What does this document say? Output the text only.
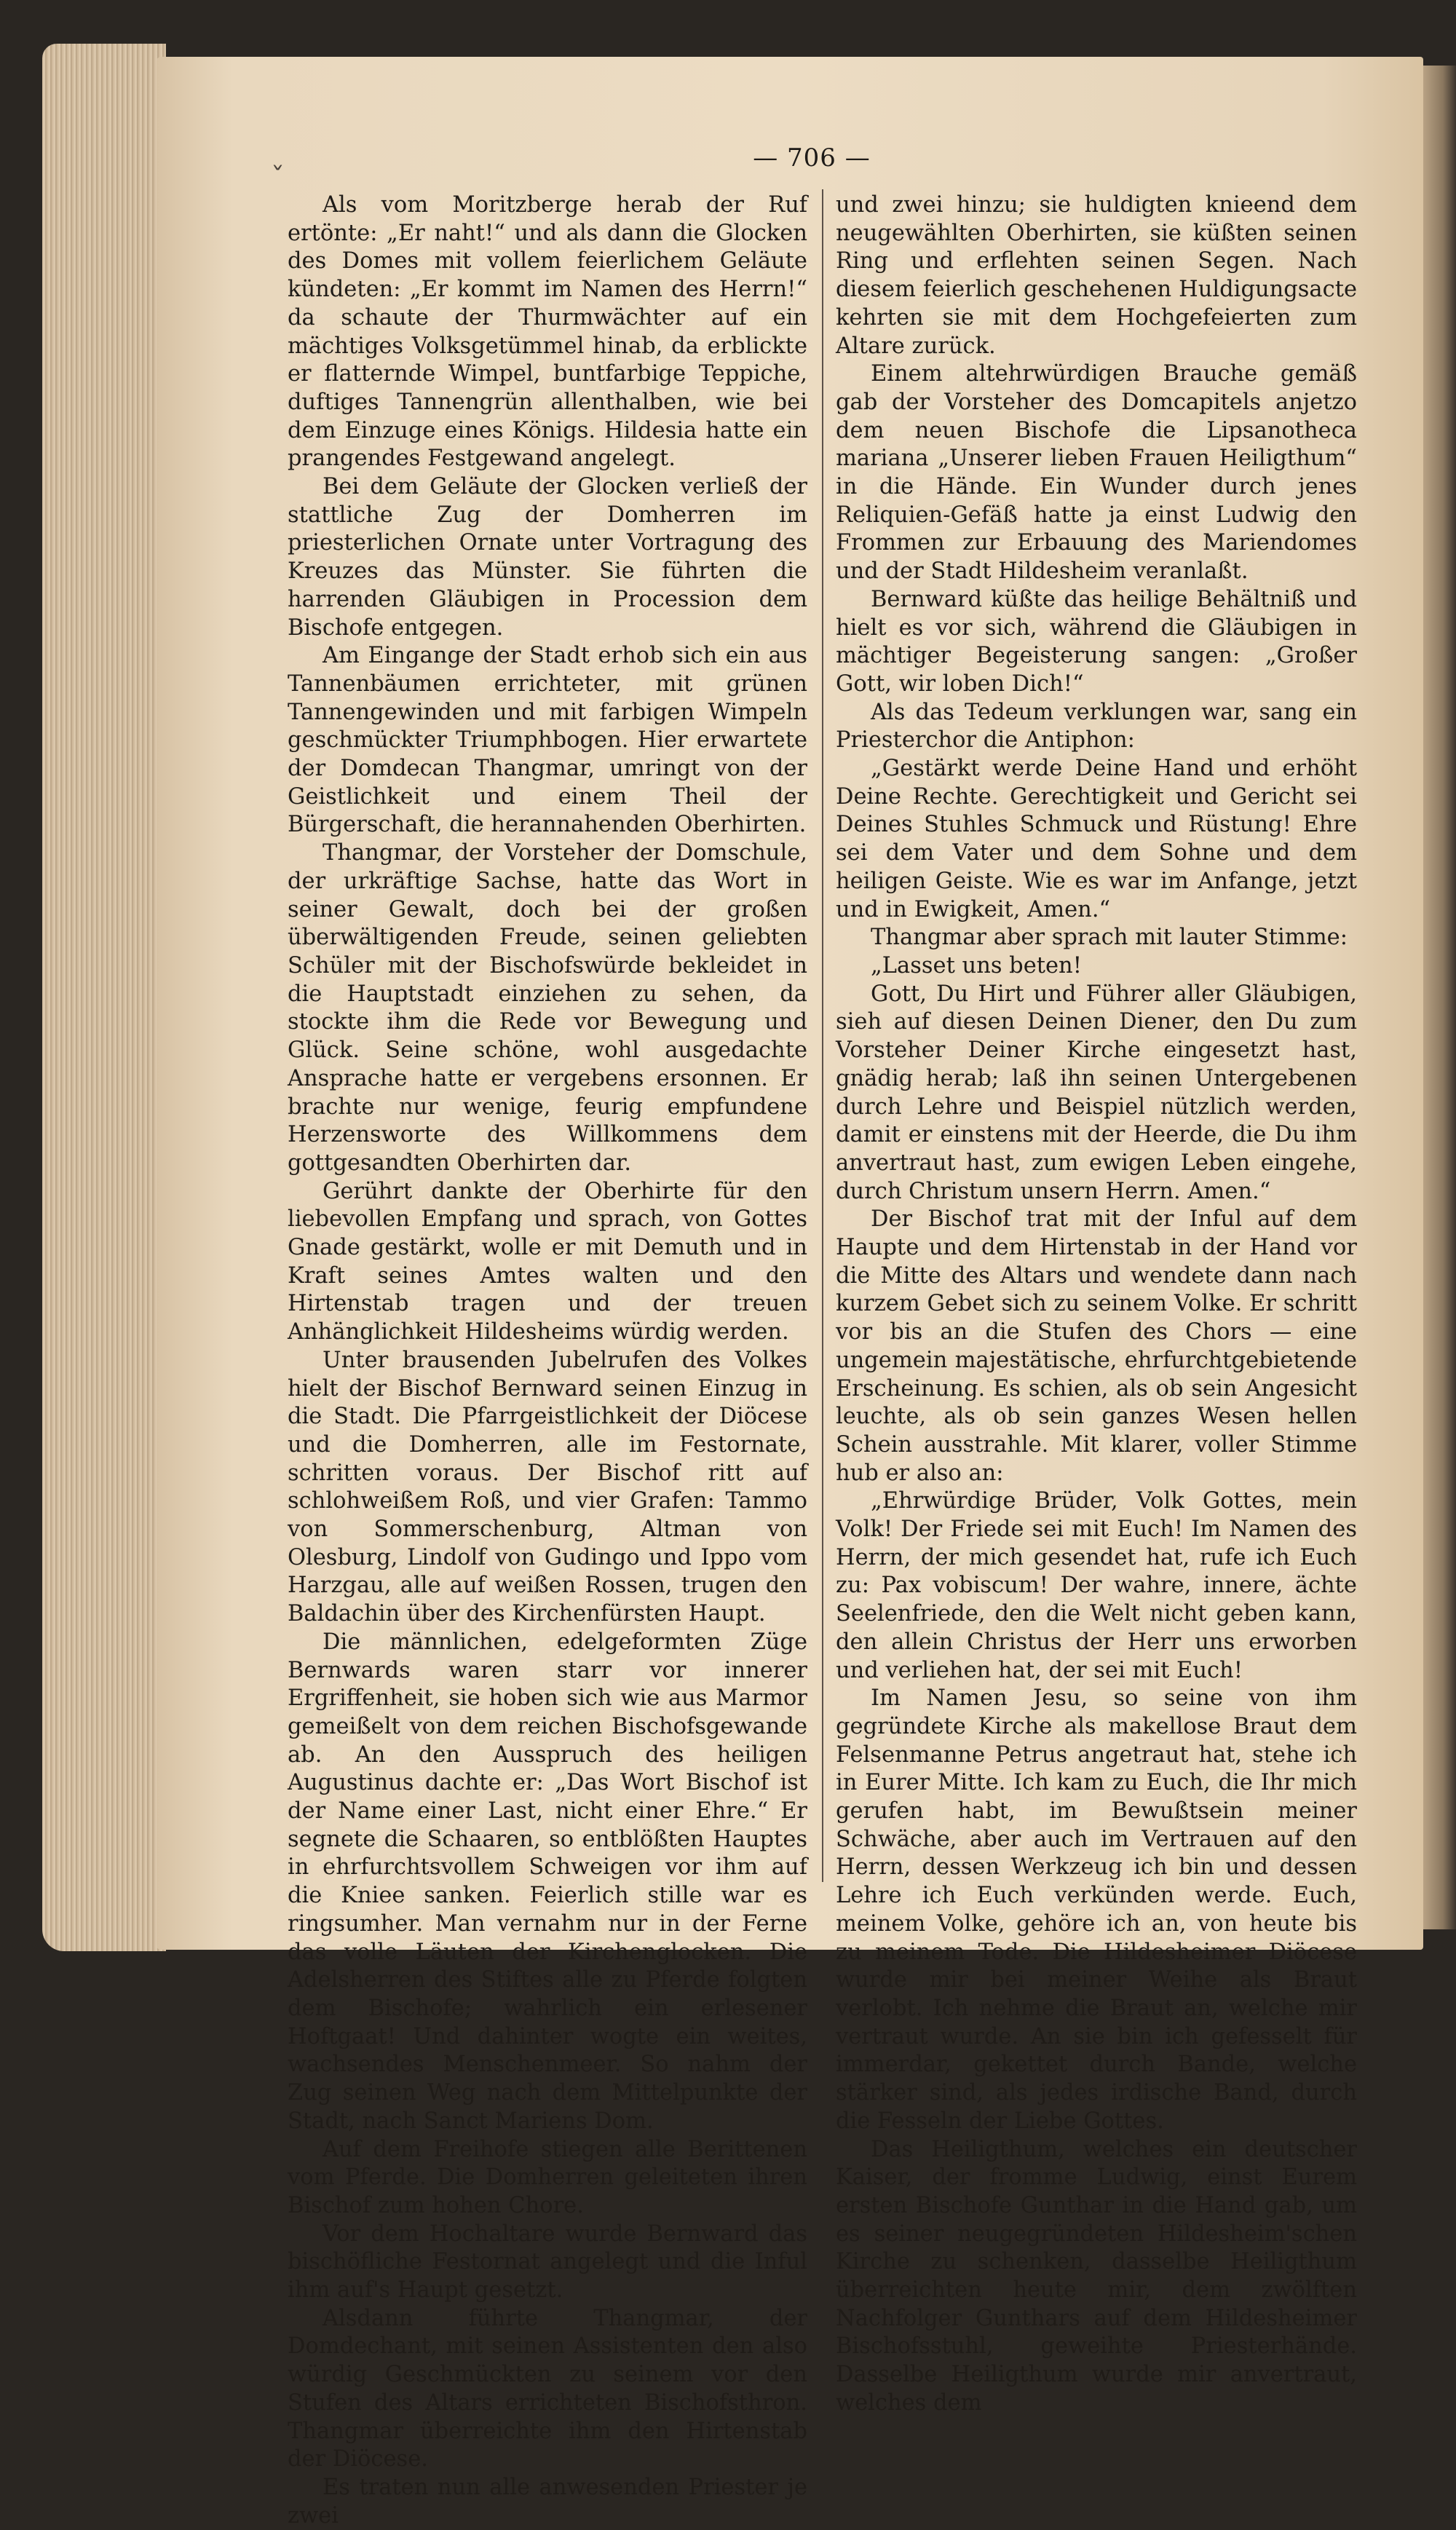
ˇ
— 706 —

Als vom Moritzberge herab der Ruf ertönte: „Er naht!“ und als dann die Glocken des Domes mit vollem feierlichem Geläute kündeten: „Er kommt im Namen des Herrn!“ da schaute der Thurmwächter auf ein mächtiges Volksgetümmel hinab, da erblickte er flatternde Wimpel, buntfarbige Teppiche, duftiges Tannengrün allenthalben, wie bei dem Einzuge eines Königs. Hildesia hatte ein prangendes Festgewand angelegt.

Bei dem Geläute der Glocken verließ der stattliche Zug der Domherren im priesterlichen Ornate unter Vortragung des Kreuzes das Münster. Sie führten die harrenden Gläubigen in Procession dem Bischofe entgegen.

Am Eingange der Stadt erhob sich ein aus Tannenbäumen errichteter, mit grünen Tannengewinden und mit farbigen Wimpeln geschmückter Triumphbogen. Hier erwartete der Domdecan Thangmar, umringt von der Geistlichkeit und einem Theil der Bürgerschaft, die herannahenden Oberhirten.

Thangmar, der Vorsteher der Domschule, der urkräftige Sachse, hatte das Wort in seiner Gewalt, doch bei der großen überwältigenden Freude, seinen geliebten Schüler mit der Bischofswürde bekleidet in die Hauptstadt einziehen zu sehen, da stockte ihm die Rede vor Bewegung und Glück. Seine schöne, wohl ausgedachte Ansprache hatte er vergebens ersonnen. Er brachte nur wenige, feurig empfundene Herzensworte des Willkommens dem gottgesandten Oberhirten dar.

Gerührt dankte der Oberhirte für den liebevollen Empfang und sprach, von Gottes Gnade gestärkt, wolle er mit Demuth und in Kraft seines Amtes walten und den Hirtenstab tragen und der treuen Anhänglichkeit Hildesheims würdig werden.

Unter brausenden Jubelrufen des Volkes hielt der Bischof Bernward seinen Einzug in die Stadt. Die Pfarrgeistlichkeit der Diöcese und die Domherren, alle im Festornate, schritten voraus. Der Bischof ritt auf schlohweißem Roß, und vier Grafen: Tammo von Sommerschenburg, Altman von Olesburg, Lindolf von Gudingo und Ippo vom Harzgau, alle auf weißen Rossen, trugen den Baldachin über des Kirchenfürsten Haupt.

Die männlichen, edelgeformten Züge Bernwards waren starr vor innerer Ergriffenheit, sie hoben sich wie aus Marmor gemeißelt von dem reichen Bischofsgewande ab. An den Ausspruch des heiligen Augustinus dachte er: „Das Wort Bischof ist der Name einer Last, nicht einer Ehre.“ Er segnete die Schaaren, so entblößten Hauptes in ehrfurchtsvollem Schweigen vor ihm auf die Kniee sanken. Feierlich stille war es ringsumher. Man vernahm nur in der Ferne das volle Läuten der Kirchenglocken. Die Adelsherren des Stiftes alle zu Pferde folgten dem Bischofe; wahrlich ein erlesener Hoftgaat! Und dahinter wogte ein weites, wachsendes Menschenmeer. So nahm der Zug seinen Weg nach dem Mittelpunkte der Stadt, nach Sanct Mariens Dom.

Auf dem Freihofe stiegen alle Berittenen vom Pferde. Die Domherren geleiteten ihren Bischof zum hohen Chore.

Vor dem Hochaltare wurde Bernward das bischöfliche Festornat angelegt und die Inful ihm auf's Haupt gesetzt.

Alsdann führte Thangmar, der Domdechant, mit seinen Assistenten den also würdig Geschmückten zu seinem vor den Stufen des Altars errichteten Bischofsthron. Thangmar überreichte ihm den Hirtenstab der Diöcese.

Es traten nun alle anwesenden Priester je zwei

und zwei hinzu; sie huldigten knieend dem neugewählten Oberhirten, sie küßten seinen Ring und erflehten seinen Segen. Nach diesem feierlich geschehenen Huldigungsacte kehrten sie mit dem Hochgefeierten zum Altare zurück.

Einem altehrwürdigen Brauche gemäß gab der Vorsteher des Domcapitels anjetzo dem neuen Bischofe die Lipsanotheca mariana „Unserer lieben Frauen Heiligthum“ in die Hände. Ein Wunder durch jenes Reliquien-Gefäß hatte ja einst Ludwig den Frommen zur Erbauung des Mariendomes und der Stadt Hildesheim veranlaßt.

Bernward küßte das heilige Behältniß und hielt es vor sich, während die Gläubigen in mächtiger Begeisterung sangen: „Großer Gott, wir loben Dich!“

Als das Tedeum verklungen war, sang ein Priesterchor die Antiphon:

„Gestärkt werde Deine Hand und erhöht Deine Rechte. Gerechtigkeit und Gericht sei Deines Stuhles Schmuck und Rüstung! Ehre sei dem Vater und dem Sohne und dem heiligen Geiste. Wie es war im Anfange, jetzt und in Ewigkeit, Amen.“

Thangmar aber sprach mit lauter Stimme:

„Lasset uns beten!

Gott, Du Hirt und Führer aller Gläubigen, sieh auf diesen Deinen Diener, den Du zum Vorsteher Deiner Kirche eingesetzt hast, gnädig herab; laß ihn seinen Untergebenen durch Lehre und Beispiel nützlich werden, damit er einstens mit der Heerde, die Du ihm anvertraut hast, zum ewigen Leben eingehe, durch Christum unsern Herrn. Amen.“

Der Bischof trat mit der Inful auf dem Haupte und dem Hirtenstab in der Hand vor die Mitte des Altars und wendete dann nach kurzem Gebet sich zu seinem Volke. Er schritt vor bis an die Stufen des Chors — eine ungemein majestätische, ehrfurchtgebietende Erscheinung. Es schien, als ob sein Angesicht leuchte, als ob sein ganzes Wesen hellen Schein ausstrahle. Mit klarer, voller Stimme hub er also an:

„Ehrwürdige Brüder, Volk Gottes, mein Volk! Der Friede sei mit Euch! Im Namen des Herrn, der mich gesendet hat, rufe ich Euch zu: Pax vobiscum! Der wahre, innere, ächte Seelenfriede, den die Welt nicht geben kann, den allein Christus der Herr uns erworben und verliehen hat, der sei mit Euch!

Im Namen Jesu, so seine von ihm gegründete Kirche als makellose Braut dem Felsenmanne Petrus angetraut hat, stehe ich in Eurer Mitte. Ich kam zu Euch, die Ihr mich gerufen habt, im Bewußtsein meiner Schwäche, aber auch im Vertrauen auf den Herrn, dessen Werkzeug ich bin und dessen Lehre ich Euch verkünden werde. Euch, meinem Volke, gehöre ich an, von heute bis zu meinem Tode. Die Hildesheimer Diöcese wurde mir bei meiner Weihe als Braut verlobt. Ich nehme die Braut an, welche mir vertraut wurde. An sie bin ich gefesselt für immerdar, gekettet durch Bande, welche stärker sind, als jedes irdische Band, durch die Fesseln der Liebe Gottes.

Das Heiligthum, welches ein deutscher Kaiser, der fromme Ludwig, einst Eurem ersten Bischofe Gunthar in die Hand gab, um es seiner neugegründeten Hildesheim'schen Kirche zu schenken, dasselbe Heiligthum überreichten heute mir, dem zwölften Nachfolger Gunthars auf dem Hildesheimer Bischofsstuhl, geweihte Priesterhände. Dasselbe Heiligthum wurde mir anvertraut, welches dem
